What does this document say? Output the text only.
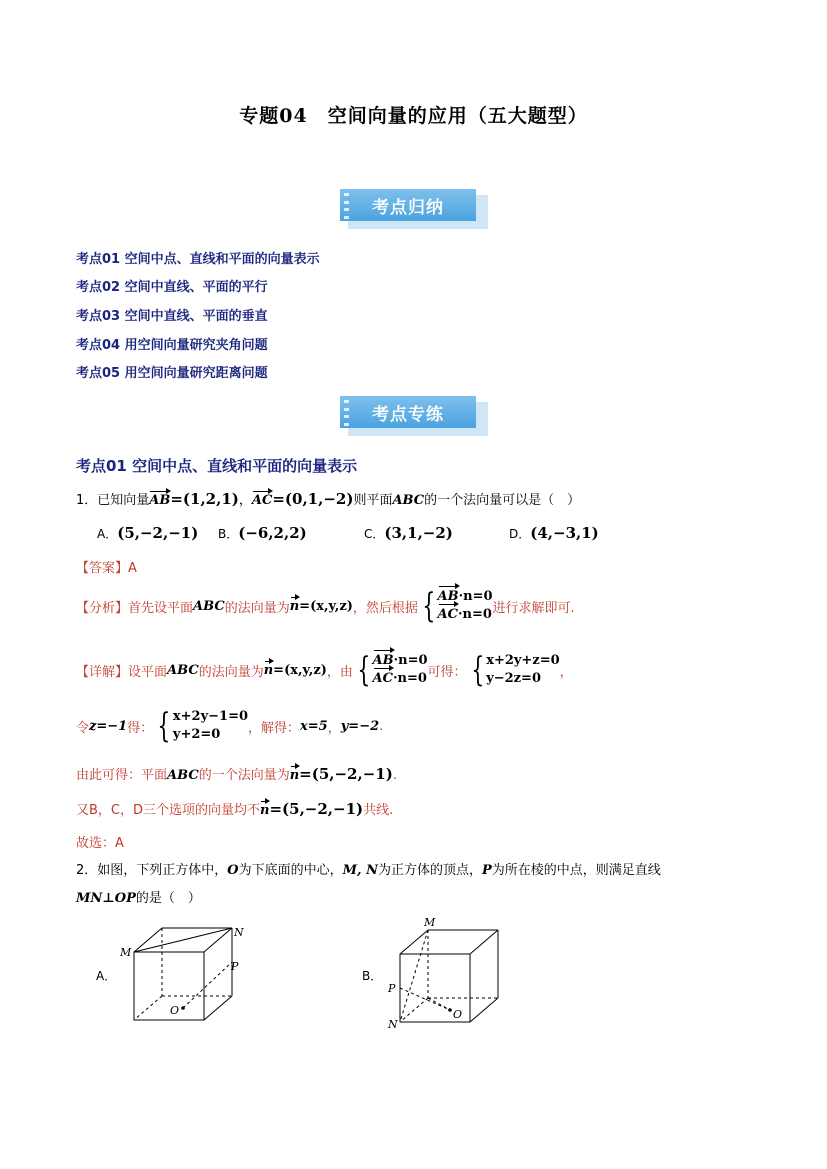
专题04　空间向量的应用（五大题型）
考点归纳
考点01 空间中点、直线和平面的向量表示
考点02 空间中直线、平面的平行
考点03 空间中直线、平面的垂直
考点04 用空间向量研究夹角问题
考点05 用空间向量研究距离问题
考点专练
考点01 空间中点、直线和平面的向量表示
1．已知向量AB=(1,2,1)，AC=(0,1,−2)则平面ABC的一个法向量可以是（　）
A．(5,−2,−1) B．(−6,2,2)	C．(3,1,−2)	D．(4,−3,1)
【答案】A
【分析】 首先设平面 ABC 的法向量为 n =(x,y,z) ，然后根据 { AB·n=0
AC·n=0 进行求解即可.
【详解】 设平面 ABC 的法向量为 n =(x,y,z) ，由 { AB·n=0
AC·n=0 可得： { x+2y+z=0
y−2z=0	，
令 z=−1 得： { x+2y−1=0
y+2=0	，解得： x=5 ， y=−2 .
由此可得：平面ABC的一个法向量为n=(5,−2,−1).
又B，C，D三个选项的向量均不n=(5,−2,−1)共线.
故选：A
2．如图，下列正方体中，O为下底面的中心，M, N为正方体的顶点，P为所在棱的中点，则满足直线
MN⊥OP的是（　）
A．
M
N
P
O
B．
M
N
P
O
